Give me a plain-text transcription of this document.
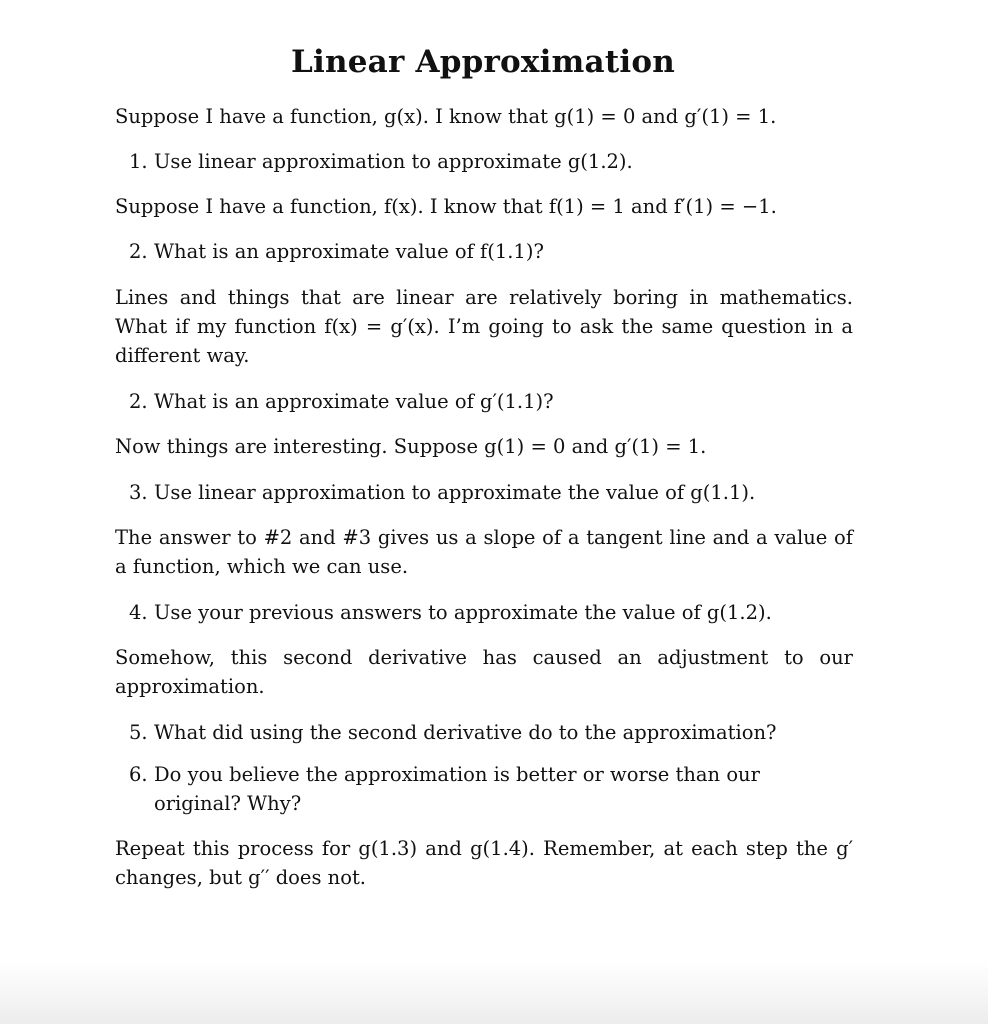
Linear Approximation

Suppose I have a function, g(x). I know that g(1) = 0 and g′(1) = 1.

1. Use linear approximation to approximate g(1.2).

Suppose I have a function, f(x). I know that f(1) = 1 and f′(1) = −1.

2. What is an approximate value of f(1.1)?

Lines and things that are linear are relatively boring in mathematics. What if my function f(x) = g′(x). I’m going to ask the same question in a different way.

2. What is an approximate value of g′(1.1)?

Now things are interesting. Suppose g(1) = 0 and g′(1) = 1.

3. Use linear approximation to approximate the value of g(1.1).

The answer to #2 and #3 gives us a slope of a tangent line and a value of a function, which we can use.

4. Use your previous answers to approximate the value of g(1.2).

Somehow, this second derivative has caused an adjustment to our approximation.

5. What did using the second derivative do to the approximation?
6. Do you believe the approximation is better or worse than our original? Why?

Repeat this process for g(1.3) and g(1.4). Remember, at each step the g′ changes, but g′′ does not.
